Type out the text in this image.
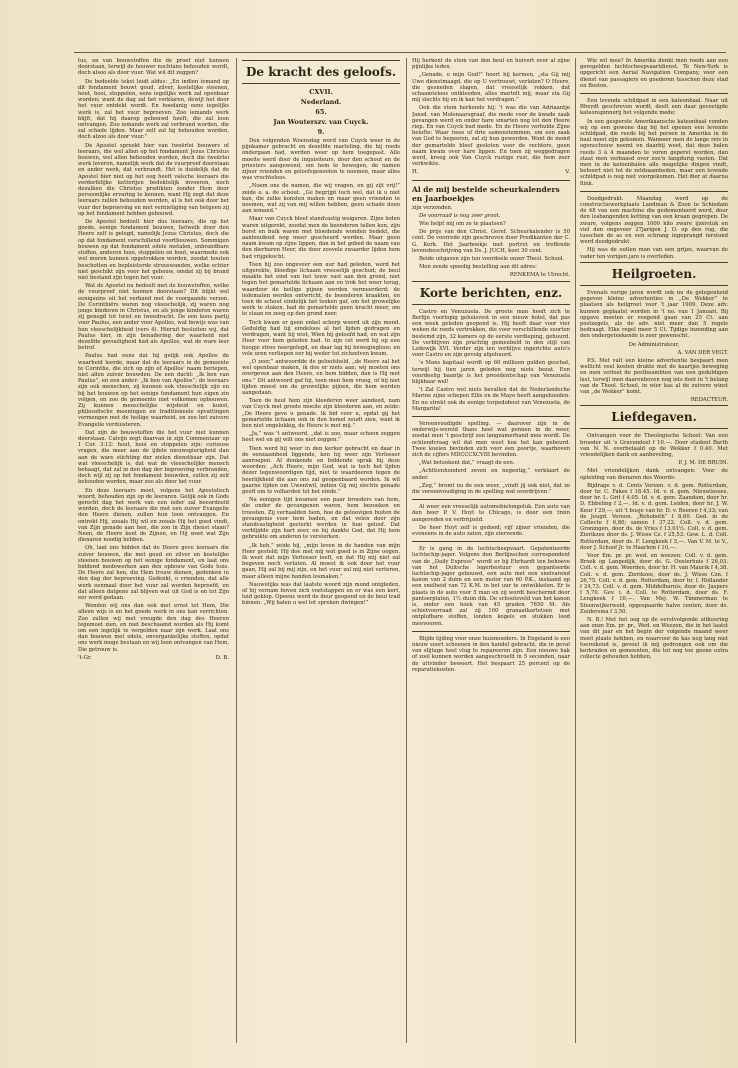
tus, en van bouwstoffen die de proef niet kunnen doorstaan, terwijl de houwer nochtans behouden wordt, doch alsoo als door vuur. Wat wil dit zeggen?

De bedoelde tekst luidt aldus: „En indien iemand op dit fondament bouwt goud, zilver, kostelijke steenen, hout, hooi, stoppelen, eens iegelijks werk zal openbaar worden; want de dag zal het verklaren, dewijl het door het vuur ontdekt wordt. En hoedanig eens iegelijks werk is, zal het vuur beproeven. Zoo iemands werk blijft, dat hij daarop gebouwd heeft, die zal loon ontvangen. Zoo iemands werk zal verbrand worden, die zal schade lijden. Maar zelf zal hij behouden worden, doch alzoo als door vuur.”

De Apostel spreekt hier van tweërlei bouwers of leeraars, die wel allen op het fondament Jezus Christus bouwen, wel allen behouden worden, doch die tweërlei werk leveren, namelijk werk dat de vuurproef doorstaan en ander werk, dat verbrandt. Het is duidelijk dat de Apostel hier niet op het oog heeft valsche leeraars die verderfelijke ketterijen bedektelijk invoeren, noch dezulken die Christus predikten zonder Hem door persoonlijke ervaring te kennen, want Hij zegt dat deze leeraars zullen behouden worden, al is het ook door het vuur der beproeving en met vernietiging van hetgeen zij op het fondament hebben gebouwd.

De Apostel bedoelt hier dus leeraars, die op het goede, eenige fondament bouwen, hetwelk door den Heere zelf is gelegd, namelijk Jezus Christus, doch die op dat fondament verschillend voortbouwen. Sommigen bouwen op dat fondament edele metalen, onbrandbare stoffen, anderen hooi, stoppelen en hout, waarmede ook wel muren kunnen opgetrokken worden, zoodat houten beschotten en bepleisterde strooswanden, welke echter niet geschikt zijn voor het gebouw, omdat zij bij brand niet bestand zijn tegen het vuur.

Wat de Apostel nu bedoelt met de bouwstoffen, welke de vuurproef niet kunnen doorstaan? Dit blijkt wel eenigszins uit het verband met de voorgaande verzen. De Corinthiërs waren nog vleeschelijk, zij waren nog jonge kinderen in Christus, en als jonge kinderen waren zij genegd tot twist en tweedracht. De een koos partij voor Paulus, een ander voor Apollos, wat bewijs was van hun vleeschelijkheid (vers 4). Hieruit besluiten wij, dat Paulus hier, in zijn benadering der waarheid niet dezelfde gevoeligheid had als Apollos, wat de ware leer betrof.

Paulus had eens dat hij gelijk ook Apollos de waarheid leerde, maar dat de leeraars in de gemeente te Corinthe, die zich op zijn of Apollos' naam beriepen, niet allen zuiver bouwden. De een dacht: „Ik ben van Paulus”, en een ander: „Ik ben van Apollos”; de leeraars zijn ook menschen, zij kunnen ook vleeschelijk zijn en bij het bouwen op het eenige fondament hun eigen zin volgen, en zoo de gemeente niet volkomen opbouwen. Zij kunnen menschelijke wijsheid en kunst, philosofische meeningen en traditioneele opvattingen vermengen met de heilige waarheid, en zoo het zuivere Evangelie verduisteren.

Dat zijn de bouwstoffen die het vuur niet kunnen doorstaan. Calvijn zegt daarvan in zijn Commentaar op 1 Cor. 3:12: hout, hooi en stoppelen zijn: curieuse vragen, die meer aan de ijdele nieuwsgierigheid dan aan de ware stichting der zielen dienstbaar zijn. Dat wat vleeschelijk is, dat wat de vleeschelijke mensch behaagt, dat zal in den dag der beproeving verbranden, doch wijl zij op het fondament bouwden, zullen zij zelf behouden worden, maar zoo als door het vuur.

En deze leeraars moet, volgens het Apostolisch woord, behouden zijn op de leeraren. Gelijk ook in Gods gerecht dag het werk van een ieder zal beoordeeld worden, doch de leeraars die met een zuiver Evangelie den Heere dienen, zullen hun loon ontvangen. En ontrekt Hij, zooals Hij wil en zooals Hij het goed vindt, van Zijn genade aan hen, die zoo in Zijn dienst staan? Neen, de Heere kent de Zijnen, en Hij weet wat Zijn dienaren noodig hebben.

Oh, laat ons bidden dat de Heere geve leeraars die zuiver bouwen, die met goud en zilver en kostelijke steenen bouwen op het eenige fondament, en laat ons biddend medewerken aan den opbouw van Gods huis. De Heere zal hen, die Hem trouw dienen, gedenken in den dag der beproeving. Gedenkt, o vrienden, dat alle werk eenmaal door het vuur zal worden beproefd, en dat alleen datgene zal blijven wat uit God is en tot Zijn eer werd gedaan.

Wenden wij ons dan ook met ernst tot Hem, Die alleen wijs is en het goede werk in ons kan verrichten. Zoo zullen wij met vreugde den dag des Heeren tegemoet zien, en niet beschaamd worden als Hij komt om een iegelijk te vergelden naar zijn werk. Laat ons dan bouwen met edele, onvergankelijke stoffen, opdat ons werk moge bestaan en wij loon ontvangen van Hem, Die getrouw is.

't-Gr.	D. B.
De kracht des geloofs.
CXVII.
Nederland.
65.
Jan Wouterszv. van Cuyck.
9.

Den volgenden Woensdag werd van Cuyck weer in de pijnkamer gebracht en dezelfde marteling, die hij reeds ondergaan had, werden weer op hem toegepast. Alle moeite werd door de inquisiteurs, door den schout en de priesters aangewend, om hem te bewegen, de namen zijner vrienden en geloofsgenooten te noemen, maar alles was vruchteloos.

„Noem ons de namen, die wij vragen, en gij zijt vrij!” zeide o. a. de schout. „Ge begrijpt toch wel, dat ik u niet kan, die zulke konsten maken en maar geen vrienden te noemen, wat zij van mij willen hebben, geen schade doen aan iemand.”

Maar van Cuyck bleef standvastig weigeren. Zijne leden waren uitgerekt, zoodat men de beenderen tellen kon, zijn borst en buik waren met bloedende wonden bedekt, die aanhoudend nog meer gescheurd werden. Maar geen naam kwam op zijne lippen, dan in het gebed de naam van den dierbaren Heer, die door zoovele zwaarder lijden hem had vrijgekocht.

Toen hij zoo ongeveer een uur had geleden, werd het uitgerekte, bloedige lichaam vreeselijk geschud; de beul maakte het eind van het touw vast aan den grond, niet tegen het gemartelde lichaam aan en trok het weer terug, waardoor de heilige pijnen werden vermeerderd; de ledematen werden ontwricht, de beenderen kraakten, en toen de schout eindelijk het teeken gaf, om het gruwelijke werk te staken, had de gemartelde geen kracht meer, om te staan en zeeg op den grond neer.

Toch kwam er geen enkel scherp woord uit zijn mond. Geduldig had hij eindeloos al het lijden gedragen en verdragen, want hij wist, Wien hij geloofd had, en wat zijn Heer voor hem geleden had. In zijn cel werd hij op een hoopje stroo neergelegd, en daar lag hij bewegingloos; en vele uren verliepen eer hij weder tot zichzelven kwam.

„O zeer,” antwoordde de geloofsheld, „de Heere zal het wel openbaar maken, ik doe er niets aan; wij moeten ons overgeven aan den Heere, en hem bidden, dan is Hij met ons.” Dit antwoord gaf hij, toen men hem vroeg, of hij niet lijden moest om de gruwelijke pijnen, die hem werden aangedaan.

Toen de heul hem zijn kleederen weer aandeed, nam van Cuyck met groote moeite zijn kleederen aan, en zeide: „De Heere geve u genade. Ik bid voor u, opdat gij het gemartelde lichaam ook in den hemel zoudt zien, want ik ben niet ongelukkig, de Heere is met mij.”

„Ja,” was 't antwoord, „dat is zoo, maar schoon zeggen heet wel en gij wilt ons niet zeggen.”

Toen werd hij weer in den kerker gebracht en daar in de eenzaamheid liggende, kon hij weer zijn Verlosser aanroepen. Al denkende en biddende sprak hij deze woorden: „Ach Heere, mijn God, wat is toch het lijden dezer tegenwoordigen tijd, niet te waardeeren tegen de heerlijkheid die aan ons zal geopenbaard worden. Ik wil gaarne lijden om Uwentwil, indien Gij mij slechts genade geeft om te volharden tot het einde.”

Na eenigen tijd kwamen een paar broeders van hem, die onder de gevangenen waren, hem bezoeken en troosten. Zij verhaalden hem, hoe de geloovigen buiten de gevangenis voor hem baden, en dat velen door zijn standvastigheid gesterkt werden in hun geloof. Dat verblijdde zijn hart zeer, en hij dankte God, dat Hij hem gebruikte om anderen te versterken.

„Ik heb,” zeide hij, „mijn leven in de handen van mijn Heer gesteld; Hij doe met mij wat goed is in Zijne oogen. Ik weet dat mijn Verlosser leeft, en dat Hij mij niet zal begeven noch verlaten. Al moest ik ook door het vuur gaan, Hij zal bij mij zijn, en het vuur zal mij niet verteren, maar alleen mijne banden losmaken.”

Nauwelijks was dat laatste woord zijn mond ontgleden, of hij vernam boven zich voetstappen en er was een kort, luid geklop. Opeens werd de deur geopend en de beul trad binnen. „Wij halen u wel tot spreken dwingen!”

Hij herkent de stem van den beul en huivert over al zijne pijnlijke leden.

„Genade, o mijn God!” hoort hij kermen, „sta Gij mij Uwe dienstmaagd, die op U vertrouwt, verlaten? O Heere, die gesneden slagen, dat vreeselijk rekken, dat schaamteloos ontkleeden, alles martelt mij, maar sta Gij mij slechts bij en ik kan het verdragen.”

Ook die stem herkende hij; 't was die van Adriaantje Jansd. van Molenaarsgraaf, die mede voor de kwade zaak gevangen werd en onder hare smarten nog tot den Heere riep. En van Cuyck bad mede. En de Heere verhulde Zijne belofte: Waar twee of drie samenstemmen, om een zaak van God te begeeren, zal zij hun gewerden. Want de mond der gemartelde bleef gesloten voor de rechters, geen naam kwam over hare lippen. En toen zij weggedragen werd, kreeg ook Van Cuyck rustige rust, die hem zeer verkwikte.

H.	V.
Al de mij bestelde scheurkalenders en Jaarboekjes

zijn verzonden.

De voorraad is nog zeer groot.

Wie helpt mij om ze te plaatsen?

De prijs van den Christ. Geref. Scheurkalender is 50 cent. De voorrede zijn geschreven door Predikanten der C. G. Kerk. Het Jaarboekje met portret en treffende levensbeschrijving van Ds. J. JUCH, kost 30 cent.

Beide uitgaven zijn ten voordeele onzer Theol. School.

Men zende spoedig bestelling aan dit adres:

RENKEMA te Utrecht.

Korte berichten, enz.

Castro en Venuzuela. De groote man heeft zich te Berlijn voorlopig gehuisvest in een nieuw hotel, dat pas een week geleden geopend is. Hij heeft daar voor vier weken de reeds vertrokken, die voor verschillende soorten bestemd zijn, 32 kamers op de eerste verdieping, gehuurd. De verblijven zijn prachtig gemeubeld in den stijl van Lodewijk XVI. Verder zijn ten verblijve ingerichte auto's voor Castro en zijn gevolg afgehuurd.

's Mans kapitaal wordt op 60 millioen gulden geschat, terwijl hij tien jaren geleden nog niets bezat. Een voordeelig baantje is het presidentschap van Venezuela blijkbaar wel!

't Zal Castro wel niets bevallen dat de Nederlandsche Marine zijne schepen Ellis en de Mayo heeft aangehouden. En nu strekt ook de eenige torpedoboot van Venezuela, de Margarita!

Vereenvoudigde spelling. — daarover zijn in de onderwijs-wereld thans heel wat pennen in de weer, zoodat men 't geschrijf zou langzamerhand moe wordt. De ochtendvraag wil dat men weet hoe het kan gebeurd. Twee koeien bevinden zich voor een poortje, waarboven zich de cijfers MDCCCXCVIII bevinden.

„Wat beteekent dat,” vraagt de een.

„Achttienhonderd zeven en negentig,” verklaart de ander.

„Zeg,” bromt nu de een weer, „vindt jij ook niet, dat ze die vereenvoudiging in de spelling wat overdrijven.”

Al weer een vreeselijk automobielongeluk. Een auto van den heer P. V. Hoyt te Chicago, is door een trein aangereden en verbrijzeld.

De heer Hoyt zelf is gedood; vijf zijner vrienden, die eveneens in de auto zaten, zijn stervende.

Er is gang in de luchtscheepvaart. Gepatenteerde luchtschip-jager. Volgens den Berlijnschen correspondent van de „Daily Express” wordt er bij Ehrhardt ten behoeve van het Duitsche legerbestuur een gepantserde luchtschip-jager gebouwd, een auto met een snelvarend kanon van 2 duim en een motor van 60 P.K., inslaand op een snelheid van 72 K.M. in het uur te ontwikkelen. Er is plaats in de auto voor 5 man en zij wordt beschermd door pantserplaten, 1½ duim dik. De schootsveld van het kanon is, onder een hoek van 45 graden 7650 M. Als schietvoorraad zal zij 100 granaatkartetsen met ontplofbare stoffen, londen kogels en stukken lood meevoeren.

Blijde tijding voor onze huismoeders. In Engeland is een nieuw soort schoenen in den handel gebracht, die in geval van slijtage heel vlug te repareeren zijn. Een nieuwe hak of zool kunnen worden aangeschroefd in 5 seconden, naar de uitvinder beweert. Het bespaart 25 percent op de reparatiekosten.

Wie wil mee? In Amerika denkt men reeds aan een geregelden luchtscheepvaartdienst. Te New-York is opgericht een Aerial Navigation Company, voor een dienst van passagiers en goederen tusschen deze stad en Boston.

Een levende schildpad in een kateonbaal. Naar uit Rheydt geschreven wordt, deelt een daar gevestigde kateonspinnerij het volgende mede:

In een gesperste Amerikaansche kateonbaal vonden wij op een gewone dag bij het openen een levende schildpad, die reeds bij het persen in Amerika in de baal moet zijn gekomen. Wanneer men de lange reis in ogenschouw neemt en daarbij weet, dat deze balen reeds 3 à 4 maanden te voren geperst worden, dan staat men verbaasd over zoo'n langdurig vasten. Dat men in de katoenbalen alle mogelijke dingen vindt, behoort niet tot de zeldzaamheden, maar een levende schildpad is nog niet voorgekomen. Het dier at daarna flink.

Doodgedrukt. Maandag werd op de constructiewerkplaats Landman & Zoon te Schiedam de 48 van een machine die gedemonteerd werd, door den losbangenden ketting van een kraan gegrepen. De zware, volgens zeggen 1000 kilo zware ijzerstuk en viel den ongeveer 27jarigen J. O. op den rug, die tusschen de as en een schrang ingeprangd terstond werd doodgedrukt.

Hij was de outlen man van een grijze, waarvan de vader ten vorigen jare is overleden.

Heilgroeten.

Evenals vorige jaren wordt ook nu de gelegenheid gegeven kleine advertenties in „De Wekker” te plaatsen als heilgroet voor 't jaar 1909. Deze adv. kunnen geplaatst worden in 't no. van 1 Januari. Bij opgave moeten er voegend gaan van 25 Ct. aan postzegels, als de adv. niet meer dan 5 regels bedraagt. Elke regel meer 5 Ct. Tijdige inzending aan den ondergeteekende is zeer gewenscht.

De Administrateur,

A. VAN DER VEGT.

P.S. Met valt een kleine advertentie bespaart men wellicht veel kosten drukte met de kaartjes beweging en men verloet de postbeambten van een geduldigen last, terwijl men daarenboven nog iets doet in 't belang van de Theol. School, in wier kas al de zuivere winst van „de Wekker” komt.

REDACTEUR.

Liefdegaven.

Ontvangen voor de Theologische School: Van een broeder uit 's Gravendeel f 10.—. Door student Barth van N. N. overbetaald op de Wekker f 0.40. Met vriendelijken dank en aanbeveling,

P. J. M. DE BRUIN.

Met vriendelijken dank ontvangen: Voor de opleiding van dienaren des Woords:

Bijdrage v. d. Cents Vereen. v. d. gem. Rotterdam, door hr. C. Fakes f 18.45. Id. v. d. gem. Nieuwlosses, door hr. L. Grit f 4.05. Id. v. d. gem. Zaandam, door hr. D. Ebbeling f 2,—. Id. v. d. gem. Leiden, door hr. J. W. Keur f 29,—, uit 't busje van hr. D. v. Boeren f 4,33; van de Jeugd. Vereen. „Rehoboth” f 8,60. Ged. in de Collecte f 6,80; samen f 37,22. Coll. v. d. gem. Groningen, door ds. de Vries f 13,01½. Coll. v. d. gem. Zierikzee door ds. J. Wisse Cz. f 25,53. Gew. L. d. Coll. Rotterdam, door ds. F. Lengkeek f 5,—. Van V. M. te V., door J. Schoof Jr. te Haarlem f 10,—.

Voor Em. pr. pr. wed. en weezen: Coll. v. d. gem. Broek op Langedijk, door ds. G. Oosterhuis f 26,03. Coll. v. d. gem. Woerden, door hr. H. van Maurik f 4,38. Coll. v. d. gem. Zierikzee, door ds. J. Wisse Czn. f 26,75. Coll. v. d. gem. Rotterdam, door hr. I. Hollander f 24,73. Coll. v. d. gem. Middelharnis, door ds. Jaspers f 5,70. Gev. i. d. Coll. te Rotterdam, door ds. F. Lengkeek f 10,—. Van Mej. W. Timmerman te Steenwijkerwold, opgespaarde halve centen, door ds. Zuidersma f 3,50.

N. B.! Met het oog op de eerstvolgende uitkeering aan onze Em. pr. pr., Wed. en Weezen, die in het laatst van dit jaar en het begin der volgende maand weer moet plaats hebben, en waarvoor de kas nog lang niet toereikend is, gevoel ik mij gedrongen ook om die kerkraden en gemeenten, die tot nog toe geene extra collecte gehouden hebben,
